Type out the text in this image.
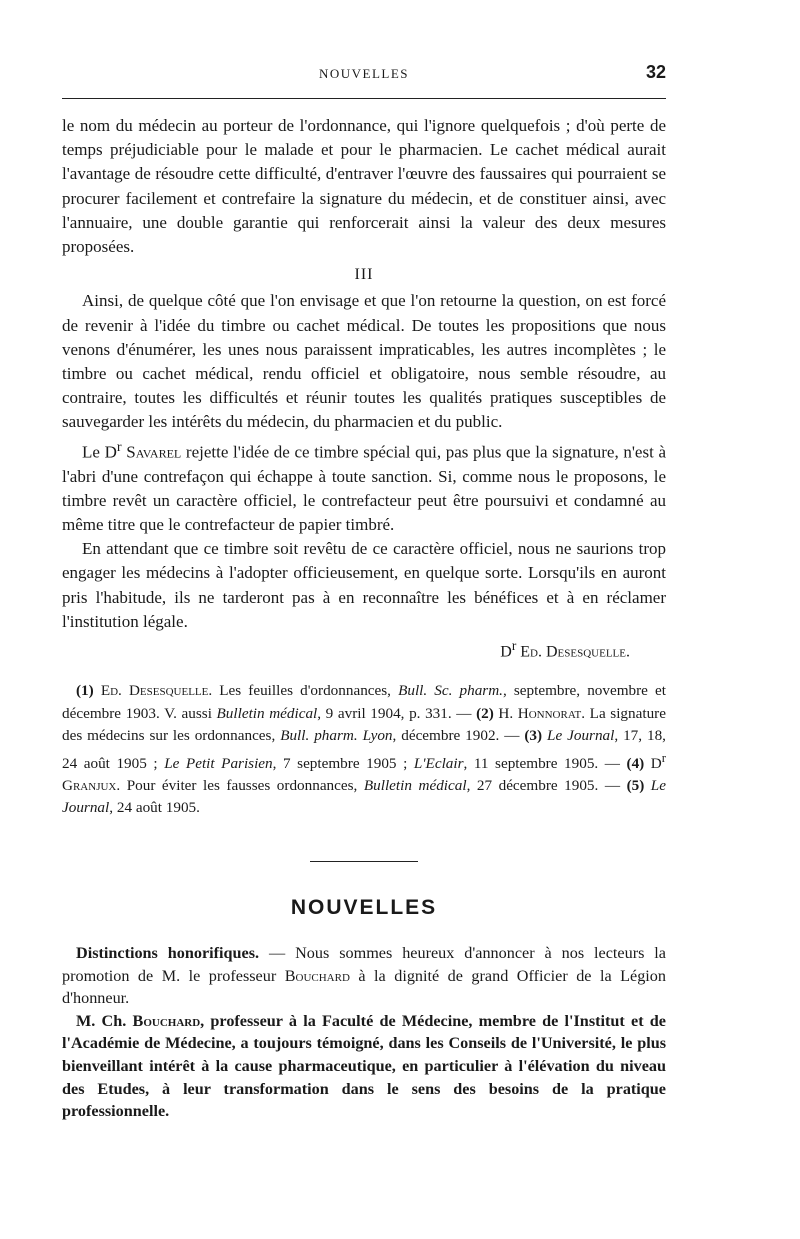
NOUVELLES	32

le nom du médecin au porteur de l'ordonnance, qui l'ignore quelquefois ; d'où perte de temps préjudiciable pour le malade et pour le pharmacien. Le cachet médical aurait l'avantage de résoudre cette difficulté, d'entraver l'œuvre des faussaires qui pourraient se procurer facilement et contrefaire la signature du médecin, et de constituer ainsi, avec l'annuaire, une double garantie qui renforcerait ainsi la valeur des deux mesures proposées.

III

Ainsi, de quelque côté que l'on envisage et que l'on retourne la question, on est forcé de revenir à l'idée du timbre ou cachet médical. De toutes les propositions que nous venons d'énumérer, les unes nous paraissent impraticables, les autres incomplètes ; le timbre ou cachet médical, rendu officiel et obligatoire, nous semble résoudre, au contraire, toutes les difficultés et réunir toutes les qualités pratiques susceptibles de sauvegarder les intérêts du médecin, du pharmacien et du public.

Le $D^r$ Savarel rejette l'idée de ce timbre spécial qui, pas plus que la signature, n'est à l'abri d'une contrefaçon qui échappe à toute sanction. Si, comme nous le proposons, le timbre revêt un caractère officiel, le contrefacteur peut être poursuivi et condamné au même titre que le contrefacteur de papier timbré.

En attendant que ce timbre soit revêtu de ce caractère officiel, nous ne saurions trop engager les médecins à l'adopter officieusement, en quelque sorte. Lorsqu'ils en auront pris l'habitude, ils ne tarderont pas à en reconnaître les bénéfices et à en réclamer l'institution légale.

$D^r$ Ed. Desesquelle.

(1) Ed. Desesquelle. Les feuilles d'ordonnances, Bull. Sc. pharm., septembre, novembre et décembre 1903. V. aussi Bulletin médical, 9 avril 1904, p. 331. — (2) H. Honnorat. La signature des médecins sur les ordonnances, Bull. pharm. Lyon, décembre 1902. — (3) Le Journal, 17, 18, 24 août 1905 ; Le Petit Parisien, 7 septembre 1905 ; L'Eclair, 11 septembre 1905. — (4) $D^r$ Granjux. Pour éviter les fausses ordonnances, Bulletin médical, 27 décembre 1905. — (5) Le Journal, 24 août 1905.

NOUVELLES

Distinctions honorifiques. — Nous sommes heureux d'annoncer à nos lecteurs la promotion de M. le professeur Bouchard à la dignité de grand Officier de la Légion d'honneur.

M. Ch. Bouchard, professeur à la Faculté de Médecine, membre de l'Institut et de l'Académie de Médecine, a toujours témoigné, dans les Conseils de l'Université, le plus bienveillant intérêt à la cause pharmaceutique, en particulier à l'élévation du niveau des Etudes, à leur transformation dans le sens des besoins de la pratique professionnelle.
